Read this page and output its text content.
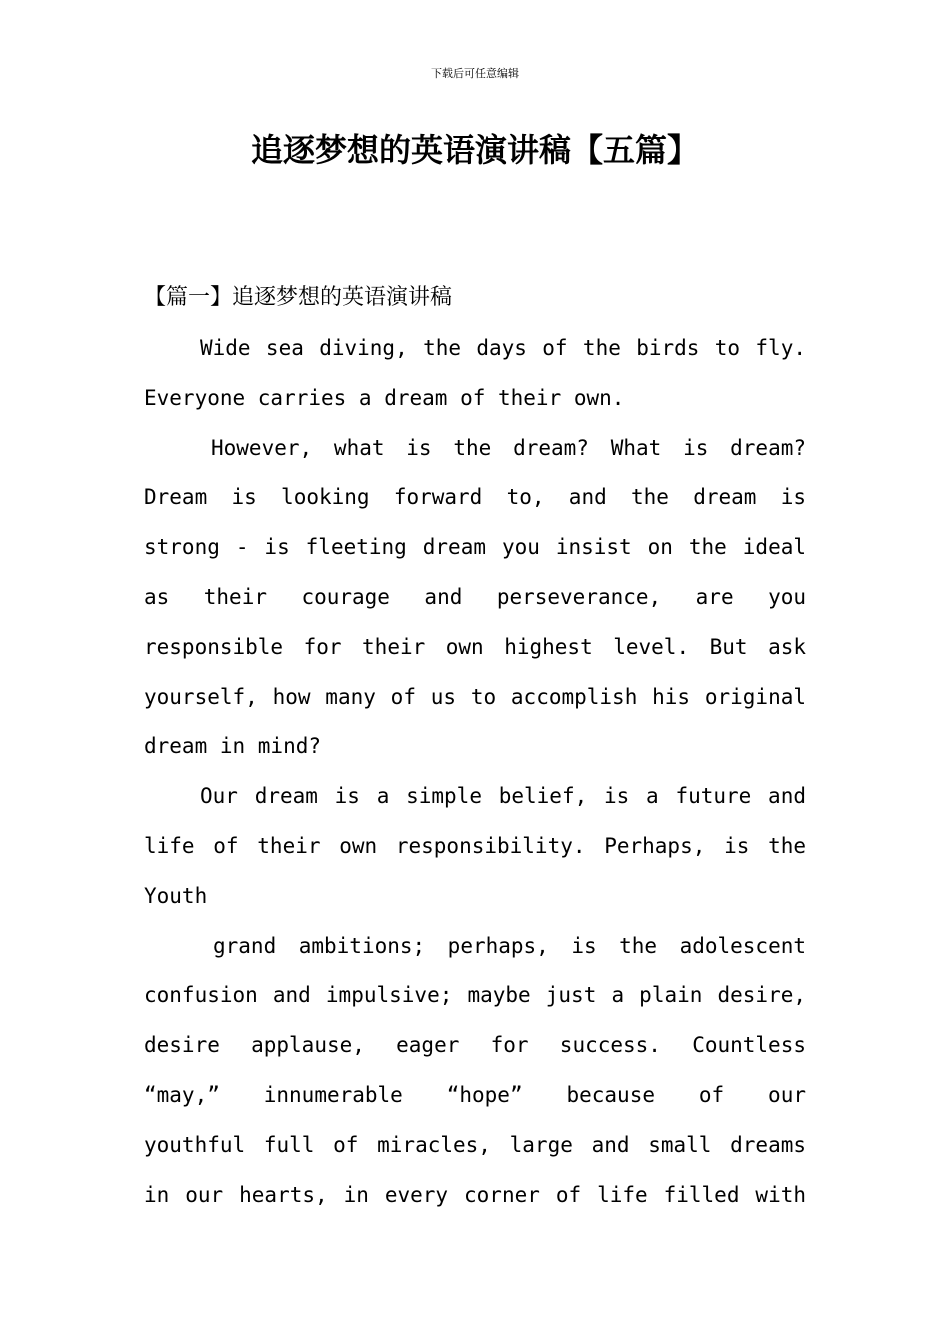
下载后可任意编辑
追逐梦想的英语演讲稿【五篇】
【篇一】追逐梦想的英语演讲稿
Wide sea diving, the days of the birds to fly.
Everyone carries a dream of their own.
However, what is the dream? What is dream?
Dream is looking forward to, and the dream is
strong - is fleeting dream you insist on the ideal
as their courage and perseverance, are you
responsible for their own highest level. But ask
yourself, how many of us to accomplish his original
dream in mind?
Our dream is a simple belief, is a future and
life of their own responsibility. Perhaps, is the
Youth
grand ambitions; perhaps, is the adolescent
confusion and impulsive; maybe just a plain desire,
desire applause, eager for success. Countless
“may,” innumerable “hope” because of our
youthful full of miracles, large and small dreams
in our hearts, in every corner of life filled with
